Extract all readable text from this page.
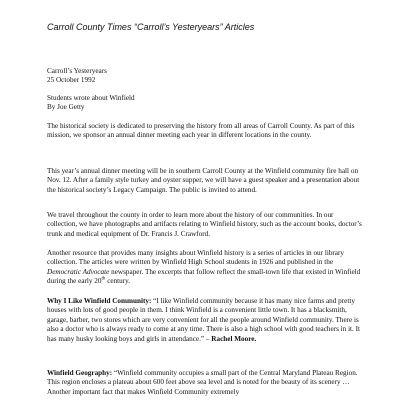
Carroll County Times “Carroll’s Yesteryears” Articles
Carroll’s Yesteryears
25 October 1992
Students wrote about Winfield
By Joe Getty
The historical society is dedicated to preserving the history from all areas of Carroll County. As part of this mission, we sponsor an annual dinner meeting each year in different locations in the county.
This year’s annual dinner meeting will be in southern Carroll County at the Winfield community fire hall on Nov. 12. After a family style turkey and oyster supper, we will have a guest speaker and a presentation about the historical society’s Legacy Campaign. The public is invited to attend.
We travel throughout the county in order to learn more about the history of our communities. In our collection, we have photographs and artifacts relating to Winfield history, such as the account books, doctor’s trunk and medical equipment of Dr. Francis J. Crawford.
Another resource that provides many insights about Winfield history is a series of articles in our library collection. The articles were written by Winfield High School students in 1926 and published in the Democratic Advocate newspaper. The excerpts that follow reflect the small-town life that existed in Winfield during the early 20th century.
Why I Like Winfield Community: “I like Winfield community because it has many nice farms and pretty houses with lots of good people in them. I think Winfield is a convenient little town. It has a blacksmith, garage, barber, two stores which are very convenient for all the people around Winfield community. There is also a doctor who is always ready to come at any time. There is also a high school with good teachers in it. It has many husky looking boys and girls in attendance.” – Rachel Moore.
Winfield Geography: “Winfield community occupies a small part of the Central Maryland Plateau Region. This region encloses a plateau about 600 feet above sea level and is noted for the beauty of its scenery … Another important fact that makes Winfield Community extremely
